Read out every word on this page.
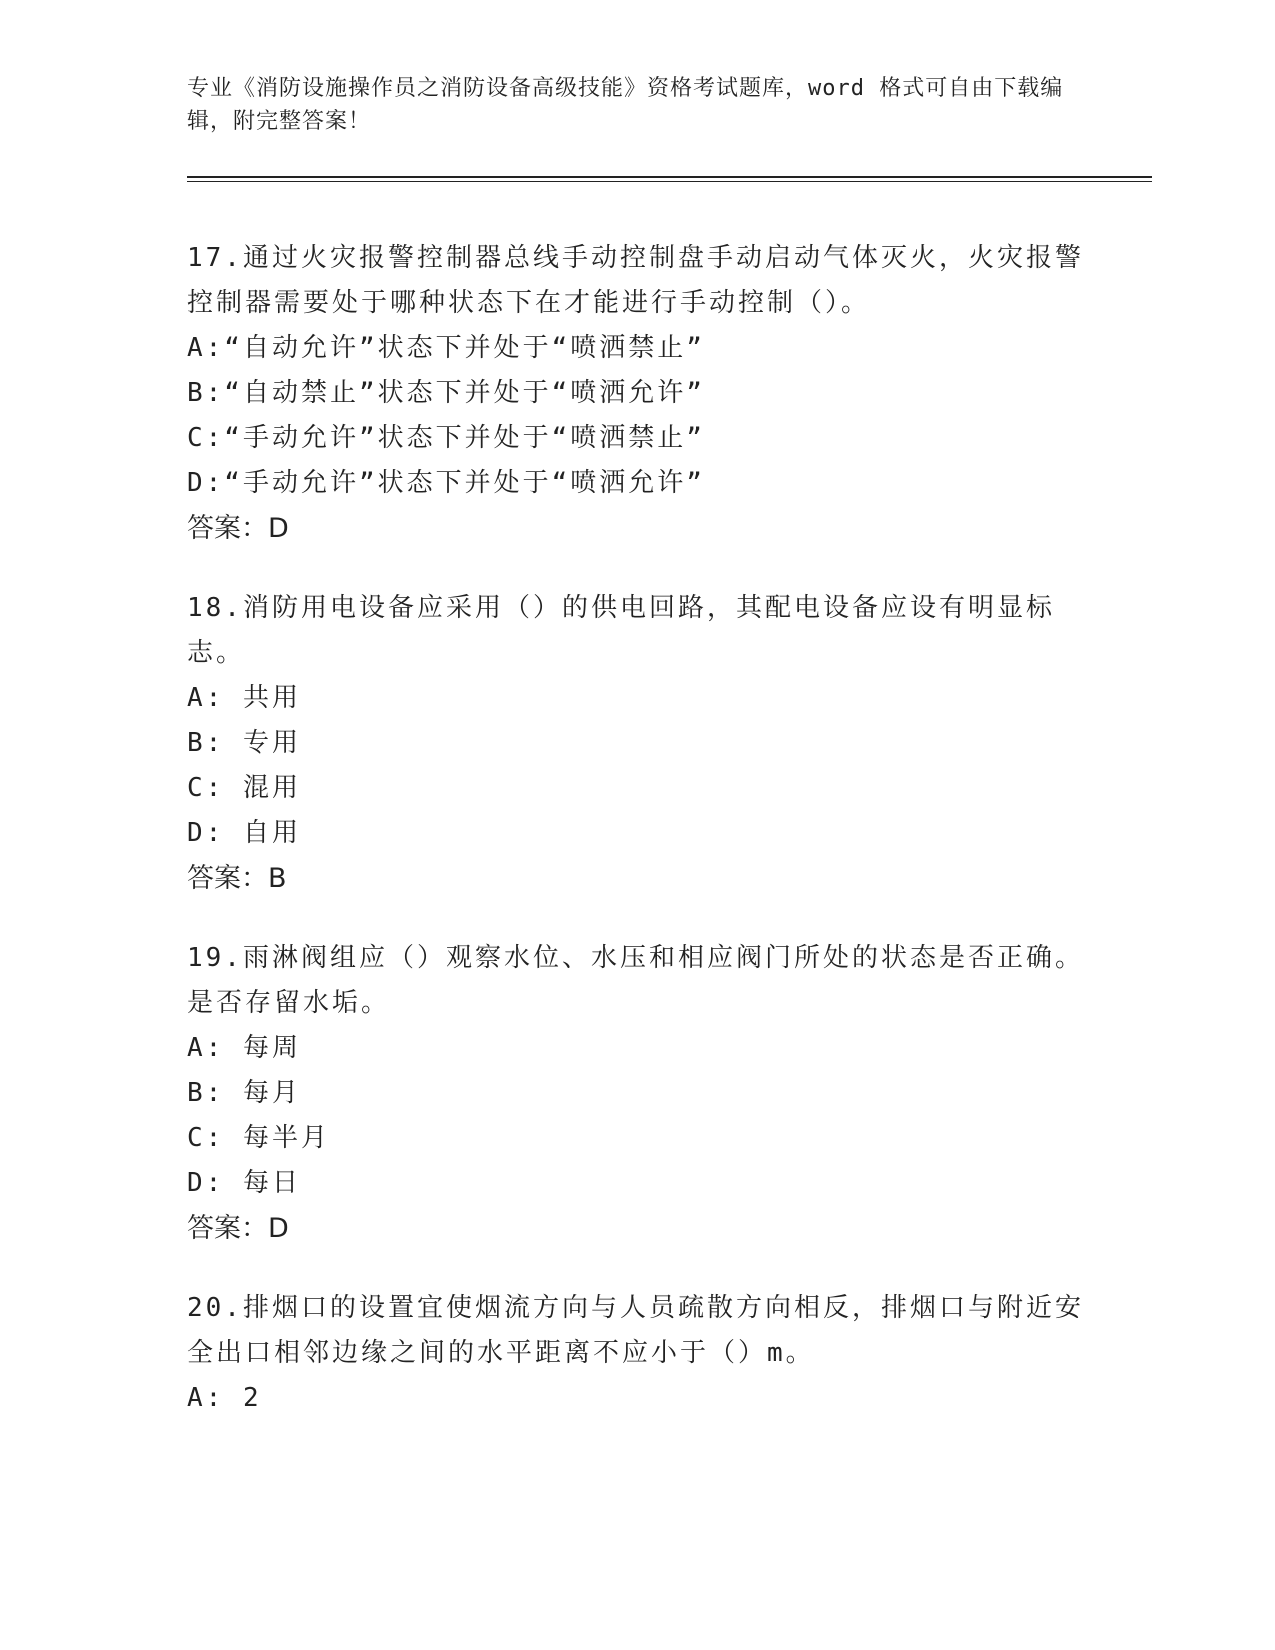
专业《消防设施操作员之消防设备高级技能》资格考试题库，word 格式可自由下载编辑，附完整答案！
17.通过火灾报警控制器总线手动控制盘手动启动气体灭火，火灾报警控制器需要处于哪种状态下在才能进行手动控制（）。
A:“自动允许”状态下并处于“喷洒禁止”
B:“自动禁止”状态下并处于“喷洒允许”
C:“手动允许”状态下并处于“喷洒禁止”
D:“手动允许”状态下并处于“喷洒允许”
答案：D
18.消防用电设备应采用（）的供电回路，其配电设备应设有明显标志。
A: 共用
B: 专用
C: 混用
D: 自用
答案：B
19.雨淋阀组应（）观察水位、水压和相应阀门所处的状态是否正确。是否存留水垢。
A: 每周
B: 每月
C: 每半月
D: 每日
答案：D
20.排烟口的设置宜使烟流方向与人员疏散方向相反，排烟口与附近安全出口相邻边缘之间的水平距离不应小于（）m。
A: 2
